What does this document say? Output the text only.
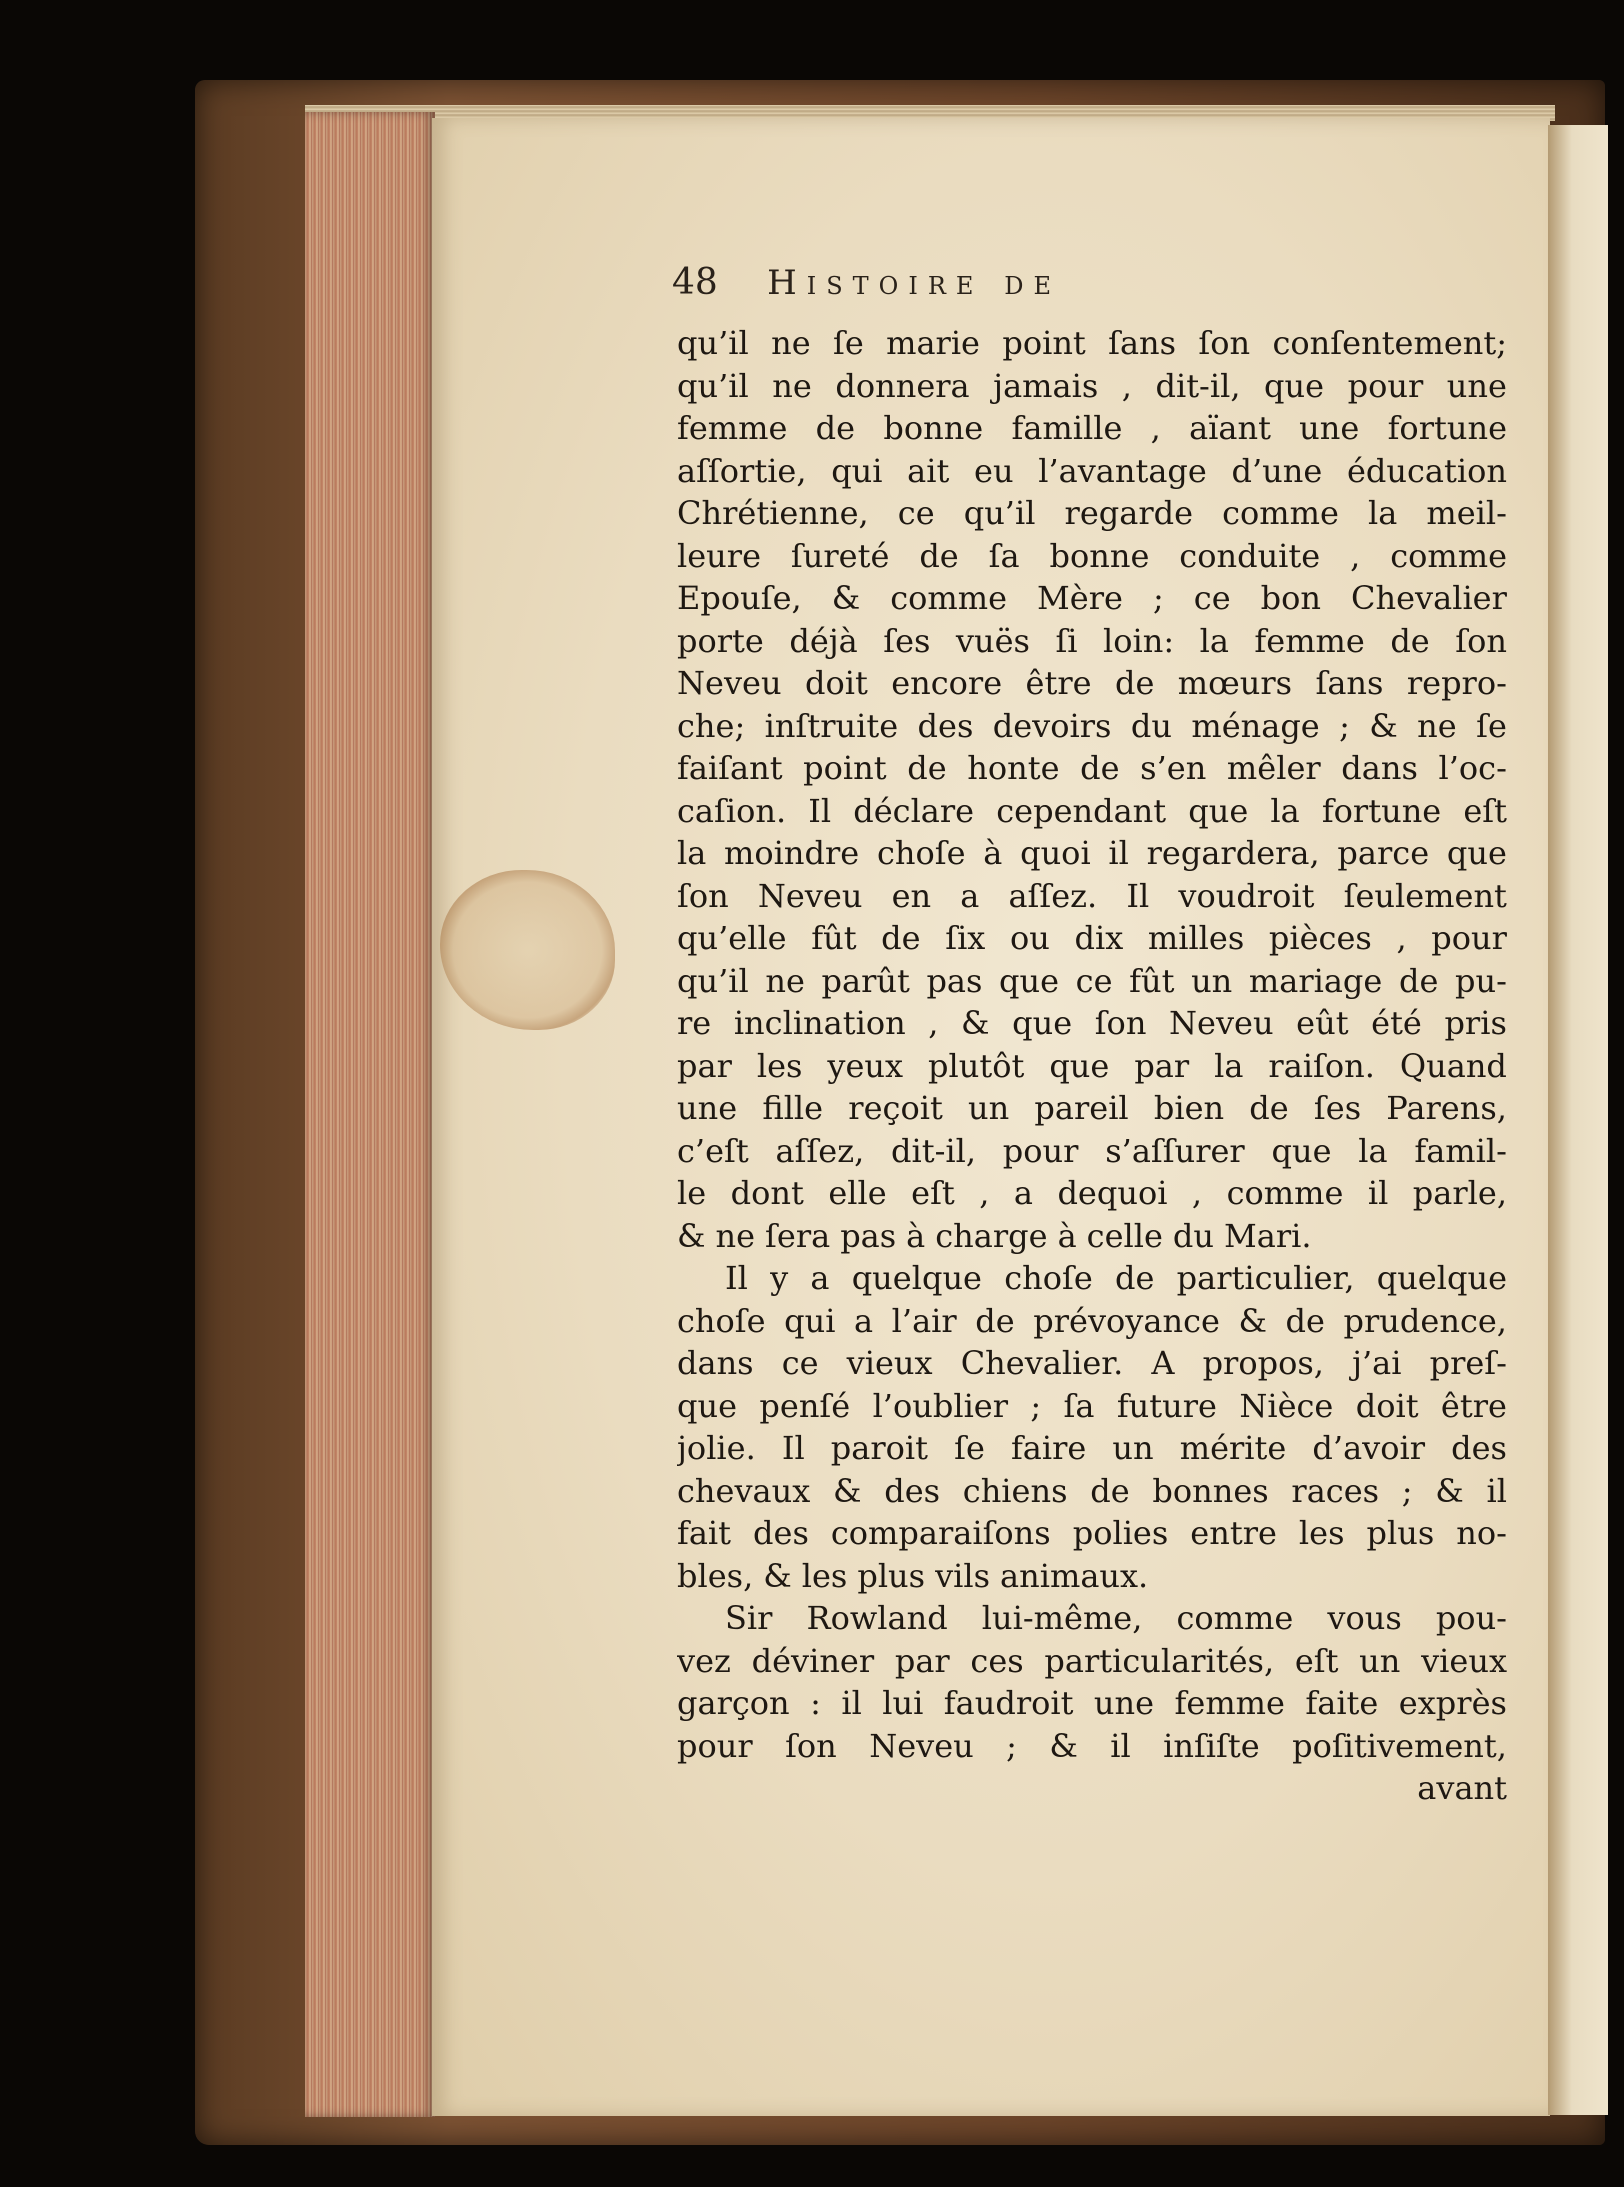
48 Histoire de
qu’il ne ſe marie point ſans ſon conſentement;
qu’il ne donnera jamais , dit-il, que pour une
femme de bonne famille , aïant une fortune
aſſortie, qui ait eu l’avantage d’une éducation
Chrétienne, ce qu’il regarde comme la meil-
leure ſureté de ſa bonne conduite , comme
Epouſe, & comme Mère ; ce bon Chevalier
porte déjà ſes vuës ſi loin: la femme de ſon
Neveu doit encore être de mœurs ſans repro-
che; inſtruite des devoirs du ménage ; & ne ſe
faiſant point de honte de s’en mêler dans l’oc-
caſion. Il déclare cependant que la fortune eſt
la moindre choſe à quoi il regardera, parce que
ſon Neveu en a aſſez. Il voudroit ſeulement
qu’elle fût de ſix ou dix milles pièces , pour
qu’il ne parût pas que ce fût un mariage de pu-
re inclination , & que ſon Neveu eût été pris
par les yeux plutôt que par la raiſon. Quand
une fille reçoit un pareil bien de ſes Parens,
c’eſt aſſez, dit-il, pour s’aſſurer que la famil-
le dont elle eſt , a dequoi , comme il parle,
& ne ſera pas à charge à celle du Mari.
Il y a quelque choſe de particulier, quelque
choſe qui a l’air de prévoyance & de prudence,
dans ce vieux Chevalier. A propos, j’ai preſ-
que penſé l’oublier ; ſa future Nièce doit être
jolie. Il paroit ſe faire un mérite d’avoir des
chevaux & des chiens de bonnes races ; & il
fait des comparaiſons polies entre les plus no-
bles, & les plus vils animaux.
Sir Rowland lui-même, comme vous pou-
vez déviner par ces particularités, eſt un vieux
garçon : il lui faudroit une femme faite exprès
pour ſon Neveu ; & il inſiſte poſitivement,
avant
